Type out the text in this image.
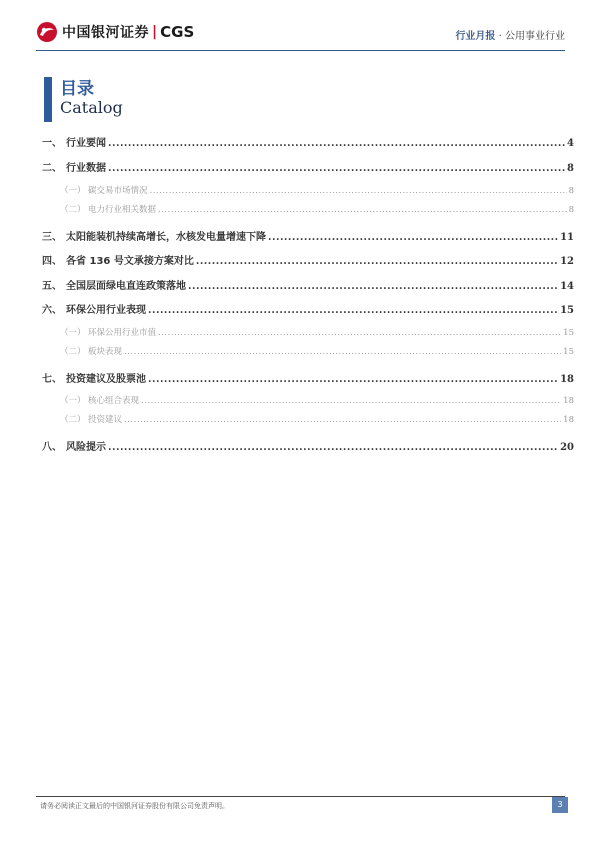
中国银河证券 | CGS	行业月报 · 公用事业行业
目录
Catalog
一、 行业要闻 .....	4
二、 行业数据 .....	8
（一） 碳交易市场情况 .....	8
（二） 电力行业相关数据 .....	8
三、 太阳能装机持续高增长，水核发电量增速下降 .....	11
四、 各省 136 号文承接方案对比 .....	12
五、 全国层面绿电直连政策落地 .....	14
六、 环保公用行业表现 .....	15
（一） 环保公用行业市值 .....	15
（二） 板块表现 .....	15
七、 投资建议及股票池 .....	18
（一） 核心组合表现 .....	18
（二） 投资建议 .....	18
八、 风险提示 .....	20
请务必阅读正文最后的中国银河证券股份有限公司免责声明。	3
